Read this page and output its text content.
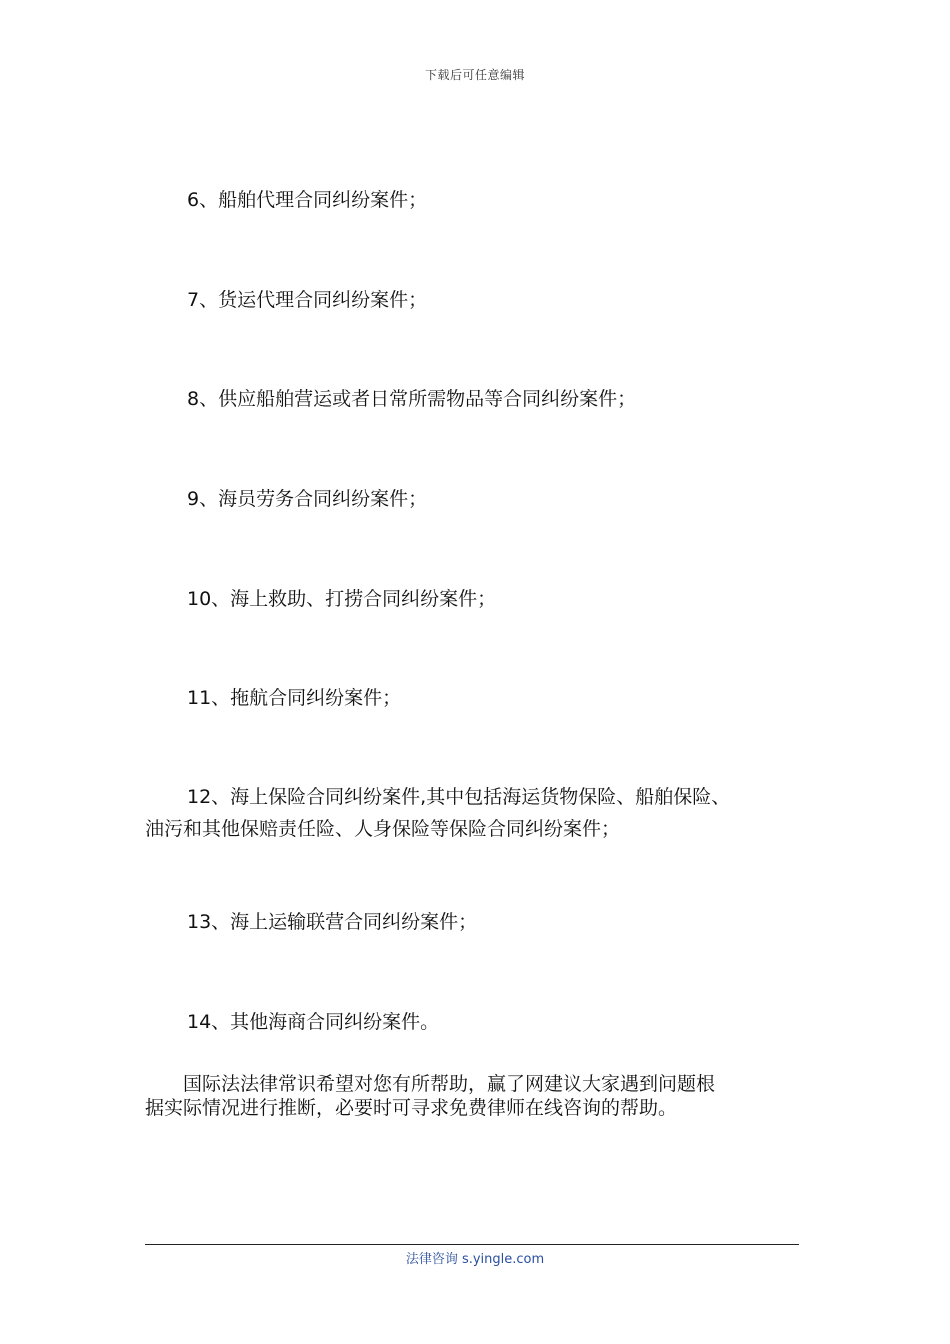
下载后可任意编辑
6、船舶代理合同纠纷案件；
7、货运代理合同纠纷案件；
8、供应船舶营运或者日常所需物品等合同纠纷案件；
9、海员劳务合同纠纷案件；
10、海上救助、打捞合同纠纷案件；
11、拖航合同纠纷案件；
12、海上保险合同纠纷案件,其中包括海运货物保险、船舶保险、
油污和其他保赔责任险、人身保险等保险合同纠纷案件；
13、海上运输联营合同纠纷案件；
14、其他海商合同纠纷案件。
国际法法律常识希望对您有所帮助，赢了网建议大家遇到问题根
据实际情况进行推断，必要时可寻求免费律师在线咨询的帮助。
法律咨询 s.yingle.com
